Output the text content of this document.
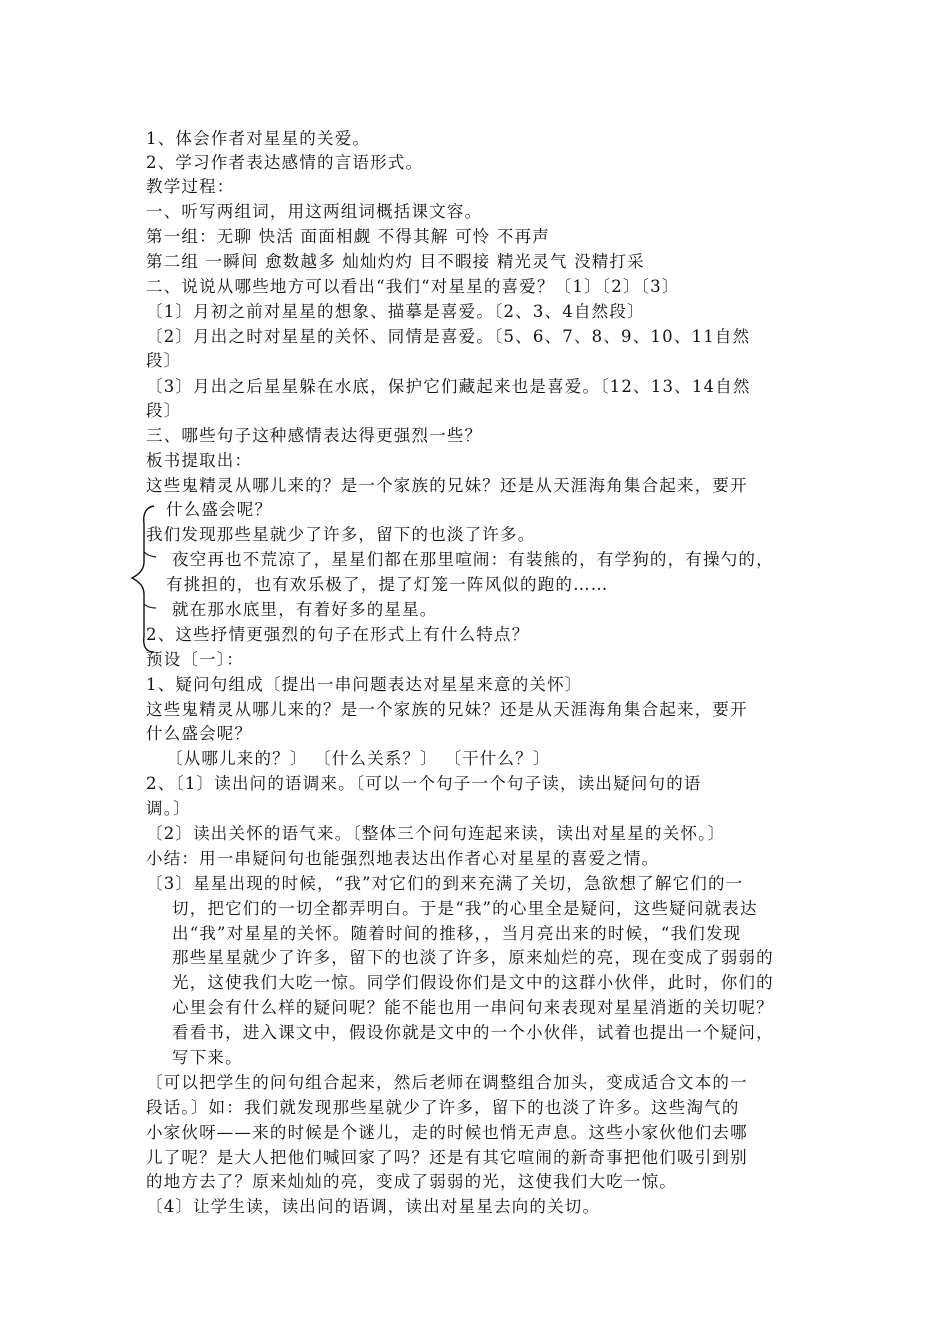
1、体会作者对星星的关爱。
2、学习作者表达感情的言语形式。
教学过程：
一、听写两组词，用这两组词概括课文容。
第一组：无聊 快活 面面相觑 不得其解 可怜 不再声
第二组 一瞬间 愈数越多 灿灿灼灼 目不暇接 精光灵气 没精打采
二、说说从哪些地方可以看出“我们“对星星的喜爱？〔1〕〔2〕〔3〕
〔1〕月初之前对星星的想象、描摹是喜爱。〔2、3、4自然段〕
〔2〕月出之时对星星的关怀、同情是喜爱。〔5、6、7、8、9、10、11自然
段〕
〔3〕月出之后星星躲在水底，保护它们藏起来也是喜爱。〔12、13、14自然
段〕
三、哪些句子这种感情表达得更强烈一些？
板书提取出：
这些鬼精灵从哪儿来的？是一个家族的兄妹？还是从天涯海角集合起来，要开
什么盛会呢？
我们发现那些星就少了许多，留下的也淡了许多。
夜空再也不荒凉了，星星们都在那里喧闹：有装熊的，有学狗的，有操勺的，
有挑担的，也有欢乐极了，提了灯笼一阵风似的跑的……
就在那水底里，有着好多的星星。
2、这些抒情更强烈的句子在形式上有什么特点？
预设〔一〕：
1、疑问句组成〔提出一串问题表达对星星来意的关怀〕
这些鬼精灵从哪儿来的？是一个家族的兄妹？还是从天涯海角集合起来，要开
什么盛会呢？
〔从哪儿来的？〕 〔什么关系？〕 〔干什么？〕
2、〔1〕读出问的语调来。〔可以一个句子一个句子读，读出疑问句的语
调。〕
〔2〕读出关怀的语气来。〔整体三个问句连起来读，读出对星星的关怀。〕
小结：用一串疑问句也能强烈地表达出作者心对星星的喜爱之情。
〔3〕星星出现的时候，“我”对它们的到来充满了关切，急欲想了解它们的一
切，把它们的一切全都弄明白。于是“我”的心里全是疑问，这些疑问就表达
出“我”对星星的关怀。随着时间的推移，，当月亮出来的时候，“我们发现
那些星星就少了许多，留下的也淡了许多，原来灿烂的亮，现在变成了弱弱的
光，这使我们大吃一惊。同学们假设你们是文中的这群小伙伴，此时，你们的
心里会有什么样的疑问呢？能不能也用一串问句来表现对星星消逝的关切呢？
看看书，进入课文中，假设你就是文中的一个小伙伴，试着也提出一个疑问，
写下来。
〔可以把学生的问句组合起来，然后老师在调整组合加头，变成适合文本的一
段话。〕如：我们就发现那些星就少了许多，留下的也淡了许多。这些淘气的
小家伙呀——来的时候是个谜儿，走的时候也悄无声息。这些小家伙他们去哪
儿了呢？是大人把他们喊回家了吗？还是有其它喧闹的新奇事把他们吸引到别
的地方去了？原来灿灿的亮，变成了弱弱的光，这使我们大吃一惊。
〔4〕让学生读，读出问的语调，读出对星星去向的关切。
